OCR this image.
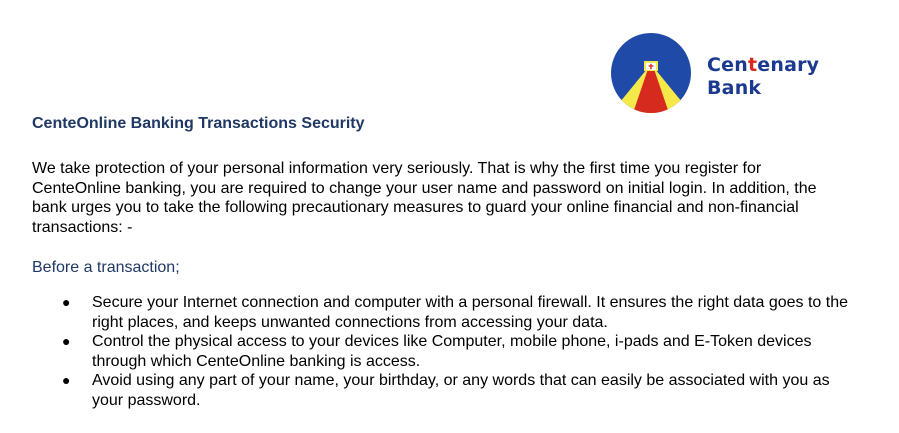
Centenary
Bank
CenteOnline Banking Transactions Security

We take protection of your personal information very seriously. That is why the first time you register for CenteOnline banking, you are required to change your user name and password on initial login. In addition, the bank urges you to take the following precautionary measures to guard your online financial and non-financial transactions: -

Before a transaction;

● Secure your Internet connection and computer with a personal firewall. It ensures the right data goes to the right places, and keeps unwanted connections from accessing your data.
● Control the physical access to your devices like Computer, mobile phone, i-pads and E-Token devices through which CenteOnline banking is access.
● Avoid using any part of your name, your birthday, or any words that can easily be associated with you as your password.
